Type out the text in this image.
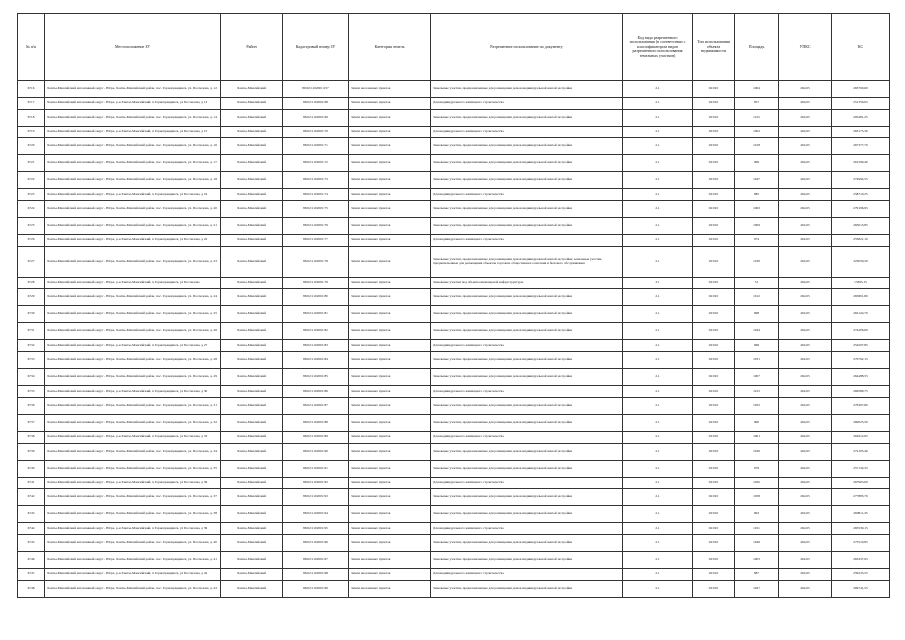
№ п/п	Местоположение ЗУ	Район	Кадастровый номер ЗУ	Категория земель	Разрешенное использование по документу	Код вида разрешенного использования (в соответствии с классификатором видов разрешенного использования земельных участков)	Тип использования объекта недвижимости	Площадь	УПКС	КС
6716	Ханты-Мансийский автономный округ - Югра, Ханты-Мансийский район, пос. Горноправдинск, ул. Поспелова, д. 12	Ханты-Мансийский	86:02:1102001:257	Земли населенных пунктов	Земельные участки, предназначенные для размещения домов индивидуальной жилой застройки	2.1	02:010	1004	262,65	263700,60
6717	Ханты-Мансийский автономный округ - Югра, р-н Ханты-Мансийский, п Горноправдинск, ул Поспелова, д 13	Ханты-Мансийский	86:02:1102001:68	Земли населенных пунктов	Для индивидуального жилищного строительства	2.1	02:010	957	262,65	251356,05
6718	Ханты-Мансийский автономный округ - Югра, Ханты-Мансийский район, пос. Горноправдинск, ул. Поспелова, д. 14	Ханты-Мансийский	86:02:1102001:69	Земли населенных пунктов	Земельные участки, предназначенные для размещения домов индивидуальной жилой застройки	2.1	02:010	1125	262,65	295481,25
6719	Ханты-Мансийский автономный округ - Югра, р-н Ханты-Мансийский, п Горноправдинск, ул Поспелова, д 15	Ханты-Мансийский	86:02:1102001:70	Земли населенных пунктов	Для индивидуального жилищного строительства	2.1	02:010	1002	262,65	263175,30
6720	Ханты-Мансийский автономный округ - Югра, Ханты-Мансийский район, пос. Горноправдинск, ул. Поспелова, д. 16	Ханты-Мансийский	86:02:1102001:71	Земли населенных пунктов	Земельные участки, предназначенные для размещения домов индивидуальной жилой застройки	2.1	02:010	1018	262,65	267377,70
6721	Ханты-Мансийский автономный округ - Югра, Ханты-Мансийский район, пос. Горноправдинск, ул. Поспелова, д. 17	Ханты-Мансийский	86:02:1102001:72	Земли населенных пунктов	Земельные участки, предназначенные для размещения домов индивидуальной жилой застройки	2.1	02:010	996	262,65	261599,40
6722	Ханты-Мансийский автономный округ - Югра, Ханты-Мансийский район, пос. Горноправдинск, ул. Поспелова, д. 18	Ханты-Мансийский	86:02:1102001:73	Земли населенных пунктов	Земельные участки, предназначенные для размещения домов индивидуальной жилой застройки	2.1	02:010	1047	262,65	274994,55
6723	Ханты-Мансийский автономный округ - Югра, р-н Ханты-Мансийский, п Горноправдинск, ул Поспелова, д 19	Ханты-Мансийский	86:02:1102001:74	Земли населенных пунктов	Для индивидуального жилищного строительства	2.1	02:010	985	262,65	258710,25
6724	Ханты-Мансийский автономный округ - Югра, Ханты-Мансийский район, пос. Горноправдинск, ул. Поспелова, д. 20	Ханты-Мансийский	86:02:1102001:75	Земли населенных пунктов	Земельные участки, предназначенные для размещения домов индивидуальной жилой застройки	2.1	02:010	1063	262,65	279196,95
6725	Ханты-Мансийский автономный округ - Югра, Ханты-Мансийский район, пос. Горноправдинск, ул. Поспелова, д. 21	Ханты-Мансийский	86:02:1102001:76	Земли населенных пунктов	Земельные участки, предназначенные для размещения домов индивидуальной жилой застройки	2.1	02:010	1009	262,65	265013,85
6726	Ханты-Мансийский автономный округ - Югра, р-н Ханты-Мансийский, п Горноправдинск, ул Поспелова, д 22	Ханты-Мансийский	86:02:1102001:77	Земли населенных пунктов	Для индивидуального жилищного строительства	2.1	02:010	974	262,65	255821,10
6727	Ханты-Мансийский автономный округ - Югра, Ханты-Мансийский район, пос. Горноправдинск, ул. Поспелова, д. 23	Ханты-Мансийский	86:02:1102001:78	Земли населенных пунктов	Земельные участки, предназначенные для размещения домов индивидуальной жилой застройки; земельные участки, предназначенные для размещения объектов торговли, общественного питания и бытового обслуживания	2.1	02:010	1230	262,65	323059,50
6728	Ханты-Мансийский автономный округ - Югра, р-н Ханты-Мансийский, п Горноправдинск, ул Поспелова	Ханты-Мансийский	86:02:1102001:79	Земли населенных пунктов	Земельные участки под объекты инженерной инфраструктуры	3.1	02:010	51	262,65	13395,15
6729	Ханты-Мансийский автономный округ - Югра, Ханты-Мансийский район, пос. Горноправдинск, ул. Поспелова, д. 24	Ханты-Мансийский	86:02:1102001:80	Земли населенных пунктов	Земельные участки, предназначенные для размещения домов индивидуальной жилой застройки	2.1	02:010	1012	262,65	265801,80
6730	Ханты-Мансийский автономный округ - Югра, Ханты-Мансийский район, пос. Горноправдинск, ул. Поспелова, д. 25	Ханты-Мансийский	86:02:1102001:81	Земли населенных пунктов	Земельные участки, предназначенные для размещения домов индивидуальной жилой застройки	2.1	02:010	998	262,65	262124,70
6731	Ханты-Мансийский автономный округ - Югра, Ханты-Мансийский район, пос. Горноправдинск, ул. Поспелова, д. 26	Ханты-Мансийский	86:02:1102001:82	Земли населенных пунктов	Земельные участки, предназначенные для размещения домов индивидуальной жилой застройки	2.1	02:010	1044	262,65	274206,60
6732	Ханты-Мансийский автономный округ - Югра, р-н Ханты-Мансийский, п Горноправдинск, ул Поспелова, д 27	Ханты-Мансийский	86:02:1102001:83	Земли населенных пунктов	Для индивидуального жилищного строительства	2.1	02:010	969	262,65	254507,85
6733	Ханты-Мансийский автономный округ - Югра, Ханты-Мансийский район, пос. Горноправдинск, ул. Поспелова, д. 28	Ханты-Мансийский	86:02:1102001:84	Земли населенных пунктов	Земельные участки, предназначенные для размещения домов индивидуальной жилой застройки	2.1	02:010	1031	262,65	270792,15
6734	Ханты-Мансийский автономный округ - Югра, Ханты-Мансийский район, пос. Горноправдинск, ул. Поспелова, д. 29	Ханты-Мансийский	86:02:1102001:85	Земли населенных пунктов	Земельные участки, предназначенные для размещения домов индивидуальной жилой застройки	2.1	02:010	1007	262,65	264488,55
6735	Ханты-Мансийский автономный округ - Югра, р-н Ханты-Мансийский, п Горноправдинск, ул Поспелова, д 30	Ханты-Мансийский	86:02:1102001:86	Земли населенных пунктов	Для индивидуального жилищного строительства	2.1	02:010	1015	262,65	266589,75
6736	Ханты-Мансийский автономный округ - Югра, Ханты-Мансийский район, пос. Горноправдинск, ул. Поспелова, д. 31	Ханты-Мансийский	86:02:1102001:87	Земли населенных пунктов	Земельные участки, предназначенные для размещения домов индивидуальной жилой застройки	2.1	02:010	1052	262,65	276307,80
6737	Ханты-Мансийский автономный округ - Югра, Ханты-Мансийский район, пос. Горноправдинск, ул. Поспелова, д. 32	Ханты-Мансийский	86:02:1102001:88	Земли населенных пунктов	Земельные участки, предназначенные для размещения домов индивидуальной жилой застройки	2.1	02:010	990	262,65	260023,50
6738	Ханты-Мансийский автономный округ - Югра, р-н Ханты-Мансийский, п Горноправдинск, ул Поспелова, д 33	Ханты-Мансийский	86:02:1102001:89	Земли населенных пунктов	Для индивидуального жилищного строительства	2.1	02:010	1001	262,65	262912,65
6739	Ханты-Мансийский автономный округ - Югра, Ханты-Мансийский район, пос. Горноправдинск, ул. Поспелова, д. 34	Ханты-Мансийский	86:02:1102001:90	Земли населенных пунктов	Земельные участки, предназначенные для размещения домов индивидуальной жилой застройки	2.1	02:010	1036	262,65	272105,40
6740	Ханты-Мансийский автономный округ - Югра, Ханты-Мансийский район, пос. Горноправдинск, ул. Поспелова, д. 35	Ханты-Мансийский	86:02:1102001:91	Земли населенных пунктов	Земельные участки, предназначенные для размещения домов индивидуальной жилой застройки	2.1	02:010	979	262,65	257134,35
6741	Ханты-Мансийский автономный округ - Югра, р-н Ханты-Мансийский, п Горноправдинск, ул Поспелова, д 36	Ханты-Мансийский	86:02:1102001:92	Земли населенных пунктов	Для индивидуального жилищного строительства	2.1	02:010	1020	262,65	267903,00
6742	Ханты-Мансийский автономный округ - Югра, Ханты-Мансийский район, пос. Горноправдинск, ул. Поспелова, д. 37	Ханты-Мансийский	86:02:1102001:93	Земли населенных пунктов	Земельные участки, предназначенные для размещения домов индивидуальной жилой застройки	2.1	02:010	1058	262,65	277883,70
6743	Ханты-Мансийский автономный округ - Югра, Ханты-Мансийский район, пос. Горноправдинск, ул. Поспелова, д. 38	Ханты-Мансийский	86:02:1102001:94	Земли населенных пунктов	Земельные участки, предназначенные для размещения домов индивидуальной жилой застройки	2.1	02:010	993	262,65	260811,45
6744	Ханты-Мансийский автономный округ - Югра, р-н Ханты-Мансийский, п Горноправдинск, ул Поспелова, д 39	Ханты-Мансийский	86:02:1102001:95	Земли населенных пунктов	Для индивидуального жилищного строительства	2.1	02:010	1011	262,65	265539,15
6745	Ханты-Мансийский автономный округ - Югра, Ханты-Мансийский район, пос. Горноправдинск, ул. Поспелова, д. 40	Ханты-Мансийский	86:02:1102001:96	Земли населенных пунктов	Земельные участки, предназначенные для размещения домов индивидуальной жилой застройки	2.1	02:010	1049	262,65	275519,85
6746	Ханты-Мансийский автономный округ - Югра, Ханты-Мансийский район, пос. Горноправдинск, ул. Поспелова, д. 41	Ханты-Мансийский	86:02:1102001:97	Земли населенных пунктов	Земельные участки, предназначенные для размещения домов индивидуальной жилой застройки	2.1	02:010	1003	262,65	263437,95
6747	Ханты-Мансийский автономный округ - Югра, р-н Ханты-Мансийский, п Горноправдинск, ул Поспелова, д 42	Ханты-Мансийский	86:02:1102001:98	Земли населенных пунктов	Для индивидуального жилищного строительства	2.1	02:010	987	262,65	259235,55
6748	Ханты-Мансийский автономный округ - Югра, Ханты-Мансийский район, пос. Горноправдинск, ул. Поспелова, д. 43	Ханты-Мансийский	86:02:1102001:99	Земли населенных пунктов	Земельные участки, предназначенные для размещения домов индивидуальной жилой застройки	2.1	02:010	1027	262,65	269741,55
